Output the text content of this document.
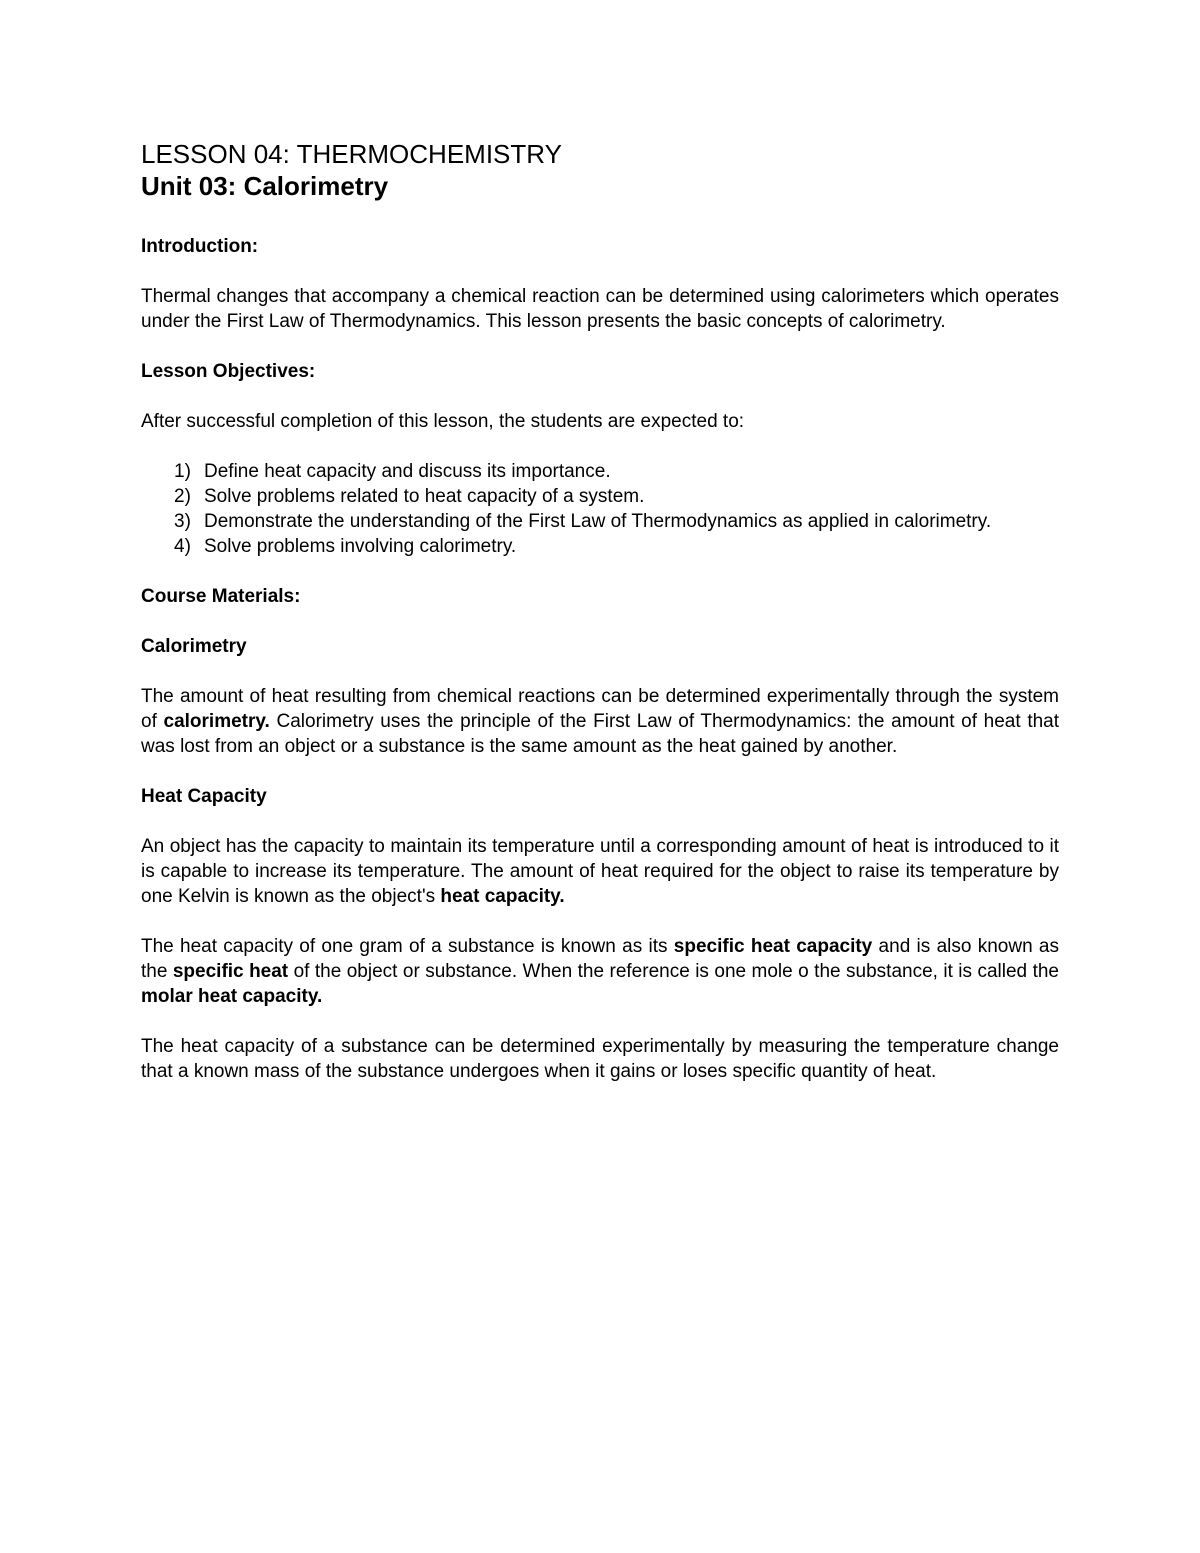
LESSON 04: THERMOCHEMISTRY
Unit 03: Calorimetry
Introduction:

Thermal changes that accompany a chemical reaction can be determined using calorimeters which operates under the First Law of Thermodynamics. This lesson presents the basic concepts of calorimetry.

Lesson Objectives:

After successful completion of this lesson, the students are expected to:

1) Define heat capacity and discuss its importance.
2) Solve problems related to heat capacity of a system.
3) Demonstrate the understanding of the First Law of Thermodynamics as applied in calorimetry.
4) Solve problems involving calorimetry.
Course Materials:
Calorimetry

The amount of heat resulting from chemical reactions can be determined experimentally through the system of calorimetry. Calorimetry uses the principle of the First Law of Thermodynamics: the amount of heat that was lost from an object or a substance is the same amount as the heat gained by another.

Heat Capacity

An object has the capacity to maintain its temperature until a corresponding amount of heat is introduced to it is capable to increase its temperature. The amount of heat required for the object to raise its temperature by one Kelvin is known as the object's heat capacity.

The heat capacity of one gram of a substance is known as its specific heat capacity and is also known as the specific heat of the object or substance. When the reference is one mole o the substance, it is called the molar heat capacity.

The heat capacity of a substance can be determined experimentally by measuring the temperature change that a known mass of the substance undergoes when it gains or loses specific quantity of heat.
